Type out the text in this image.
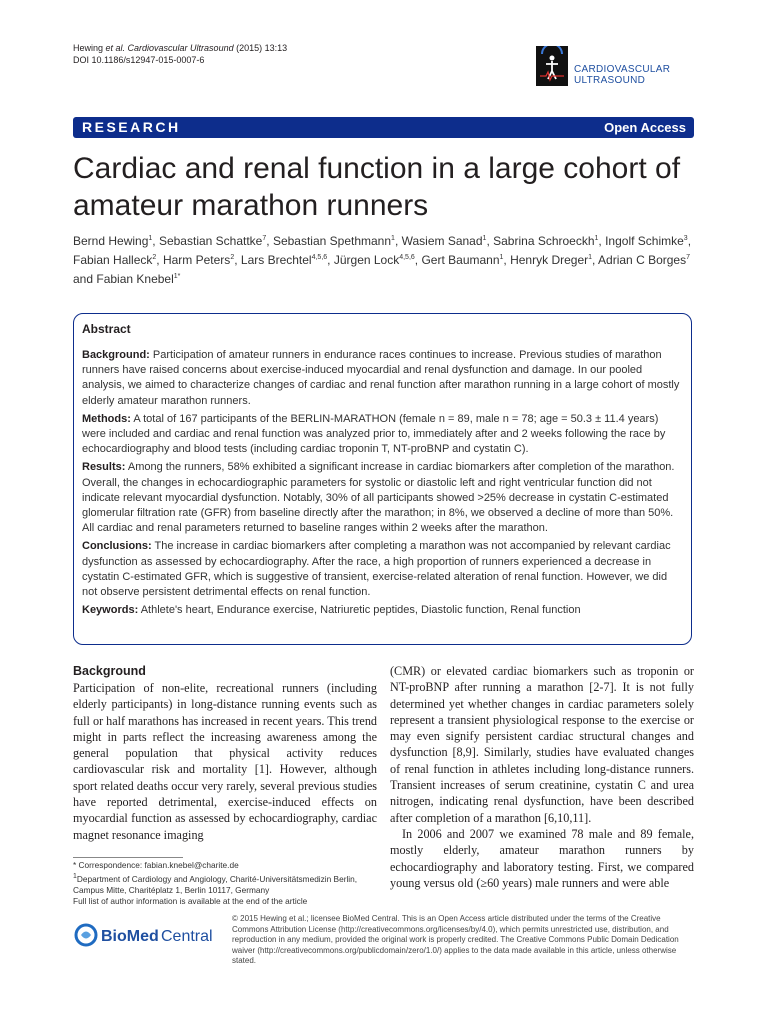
Hewing et al. Cardiovascular Ultrasound (2015) 13:13
DOI 10.1186/s12947-015-0007-6
CARDIOVASCULAR
ULTRASOUND
RESEARCH	Open Access
Cardiac and renal function in a large cohort of amateur marathon runners
Bernd Hewing$^1$, Sebastian Schattke$^7$, Sebastian Spethmann$^1$, Wasiem Sanad$^1$, Sabrina Schroeckh$^1$, Ingolf Schimke$^3$, Fabian Halleck$^2$, Harm Peters$^2$, Lars Brechtel$^{4,5,6}$, Jürgen Lock$^{4,5,6}$, Gert Baumann$^1$, Henryk Dreger$^1$, Adrian C Borges$^7$ and Fabian Knebel$^{1*}$
Abstract

Background: Participation of amateur runners in endurance races continues to increase. Previous studies of marathon runners have raised concerns about exercise-induced myocardial and renal dysfunction and damage. In our pooled analysis, we aimed to characterize changes of cardiac and renal function after marathon running in a large cohort of mostly elderly amateur marathon runners.

Methods: A total of 167 participants of the BERLIN-MARATHON (female n = 89, male n = 78; age = 50.3 ± 11.4 years) were included and cardiac and renal function was analyzed prior to, immediately after and 2 weeks following the race by echocardiography and blood tests (including cardiac troponin T, NT-proBNP and cystatin C).

Results: Among the runners, 58% exhibited a significant increase in cardiac biomarkers after completion of the marathon. Overall, the changes in echocardiographic parameters for systolic or diastolic left and right ventricular function did not indicate relevant myocardial dysfunction. Notably, 30% of all participants showed >25% decrease in cystatin C-estimated glomerular filtration rate (GFR) from baseline directly after the marathon; in 8%, we observed a decline of more than 50%. All cardiac and renal parameters returned to baseline ranges within 2 weeks after the marathon.

Conclusions: The increase in cardiac biomarkers after completing a marathon was not accompanied by relevant cardiac dysfunction as assessed by echocardiography. After the race, a high proportion of runners experienced a decrease in cystatin C-estimated GFR, which is suggestive of transient, exercise-related alteration of renal function. However, we did not observe persistent detrimental effects on renal function.

Keywords: Athlete's heart, Endurance exercise, Natriuretic peptides, Diastolic function, Renal function

Background

Participation of non-elite, recreational runners (including elderly participants) in long-distance running events such as full or half marathons has increased in recent years. This trend might in parts reflect the increasing awareness among the general population that physical activity reduces cardiovascular risk and mortality [1]. However, although sport related deaths occur very rarely, several previous studies have reported detrimental, exercise-induced effects on myocardial function as assessed by echocardiography, cardiac magnet resonance imaging

(CMR) or elevated cardiac biomarkers such as troponin or NT-proBNP after running a marathon [2-7]. It is not fully determined yet whether changes in cardiac parameters solely represent a transient physiological response to the exercise or may even signify persistent cardiac structural changes and dysfunction [8,9]. Similarly, studies have evaluated changes of renal function in athletes including long-distance runners. Transient increases of serum creatinine, cystatin C and urea nitrogen, indicating renal dysfunction, have been described after completion of a marathon [6,10,11].

In 2006 and 2007 we examined 78 male and 89 female, mostly elderly, amateur marathon runners by echocardiography and laboratory testing. First, we compared young versus old (≥60 years) male runners and were able

* Correspondence: fabian.knebel@charite.de
$^1$Department of Cardiology and Angiology, Charité-Universitätsmedizin Berlin, Campus Mitte, Charitéplatz 1, Berlin 10117, Germany
Full list of author information is available at the end of the article
BioMed Central
© 2015 Hewing et al.; licensee BioMed Central. This is an Open Access article distributed under the terms of the Creative Commons Attribution License (http://creativecommons.org/licenses/by/4.0), which permits unrestricted use, distribution, and reproduction in any medium, provided the original work is properly credited. The Creative Commons Public Domain Dedication waiver (http://creativecommons.org/publicdomain/zero/1.0/) applies to the data made available in this article, unless otherwise stated.
